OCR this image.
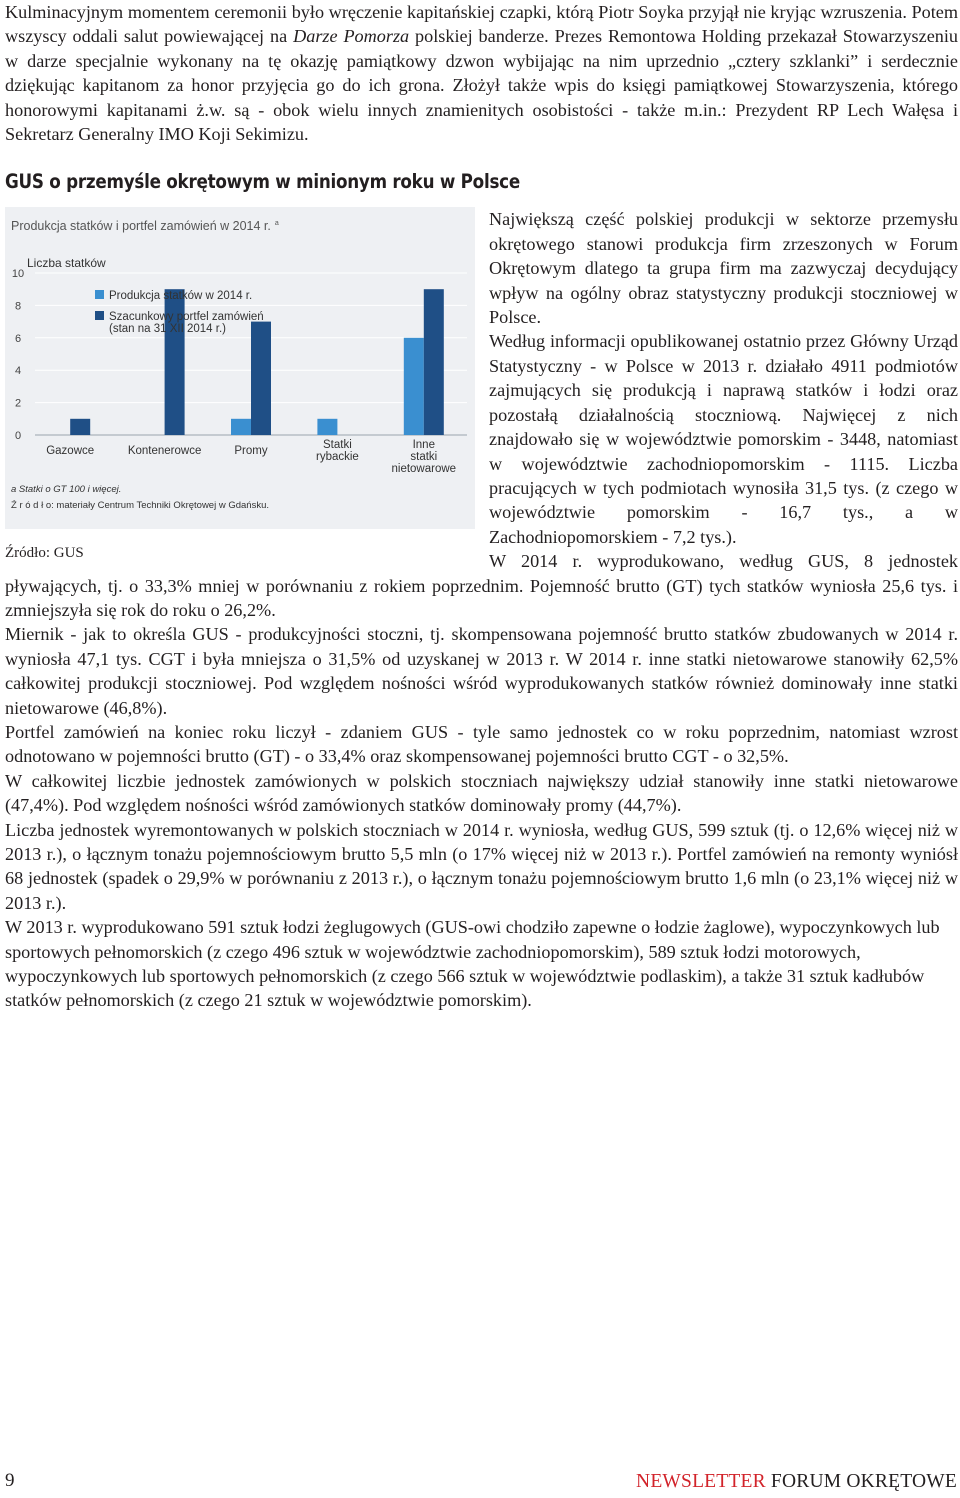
Kulminacyjnym momentem ceremonii było wręczenie kapitańskiej czapki, którą Piotr Soyka przyjął nie kryjąc wzruszenia. Potem wszyscy oddali salut powiewającej na Darze Pomorza polskiej banderze. Prezes Remontowa Holding przekazał Stowarzyszeniu w darze specjalnie wykonany na tę okazję pamiątkowy dzwon wybijając na nim uprzednio „cztery szklanki” i serdecznie dziękując kapitanom za honor przyjęcia go do ich grona. Złożył także wpis do księgi pamiątkowej Stowarzyszenia, którego honorowymi kapitanami ż.w. są - obok wielu innych znamienitych osobistości - także m.in.: Prezydent RP Lech Wałęsa i Sekretarz Generalny IMO Koji Sekimizu.

GUS o przemyśle okrętowym w minionym roku w Polsce
Produkcja statków i portfel zamówień w 2014 r. $^a$
Liczba statków
0
2
4
6
8
10
Gazowce	Kontenerowce	Promy	Statki rybackie
Inne statki nietowarowe
Produkcja statków w 2014 r.
Szacunkowy portfel zamówień (stan na 31 XII 2014 r.)
a Statki o GT 100 i więcej.
Ź r ó d ł o: materiały Centrum Techniki Okrętowej w Gdańsku.
Źródło: GUS

Największą część polskiej produkcji w sektorze przemysłu okrętowego stanowi produkcja firm zrzeszonych w Forum Okrętowym dlatego ta grupa firm ma zazwyczaj decydujący wpływ na ogólny obraz statystyczny produkcji stoczniowej w Polsce.

Według informacji opublikowanej ostatnio przez Główny Urząd Statystyczny - w Polsce w 2013 r. działało 4911 podmiotów zajmujących się produkcją i naprawą statków i łodzi oraz pozostałą działalnością stoczniową. Najwięcej z nich znajdowało się w województwie pomorskim - 3448, natomiast w województwie zachodniopomorskim - 1115. Liczba pracujących w tych podmiotach wynosiła 31,5 tys. (z czego w województwie pomorskim - 16,7 tys., a w Zachodniopomorskiem - 7,2 tys.).

W 2014 r. wyprodukowano, według GUS, 8 jednostek pływających, tj. o 33,3% mniej w porównaniu z rokiem poprzednim. Pojemność brutto (GT) tych statków wyniosła 25,6 tys. i zmniejszyła się rok do roku o 26,2%.

Miernik - jak to określa GUS - produkcyjności stoczni, tj. skompensowana pojemność brutto statków zbudowanych w 2014 r. wyniosła 47,1 tys. CGT i była mniejsza o 31,5% od uzyskanej w 2013 r. W 2014 r. inne statki nietowarowe stanowiły 62,5% całkowitej produkcji stoczniowej. Pod względem nośności wśród wyprodukowanych statków również dominowały inne statki nietowarowe (46,8%).

Portfel zamówień na koniec roku liczył - zdaniem GUS - tyle samo jednostek co w roku poprzednim, natomiast wzrost odnotowano w pojemności brutto (GT) - o 33,4% oraz skompensowanej pojemności brutto CGT - o 32,5%.

W całkowitej liczbie jednostek zamówionych w polskich stoczniach największy udział stanowiły inne statki nietowarowe (47,4%). Pod względem nośności wśród zamówionych statków dominowały promy (44,7%).

Liczba jednostek wyremontowanych w polskich stoczniach w 2014 r. wyniosła, według GUS, 599 sztuk (tj. o 12,6% więcej niż w 2013 r.), o łącznym tonażu pojemnościowym brutto 5,5 mln (o 17% więcej niż w 2013 r.). Portfel zamówień na remonty wyniósł 68 jednostek (spadek o 29,9% w porównaniu z 2013 r.), o łącznym tonażu pojemnościowym brutto 1,6 mln (o 23,1% więcej niż w 2013 r.).

W 2013 r. wyprodukowano 591 sztuk łodzi żeglugowych (GUS-owi chodziło zapewne o łodzie żaglowe), wypoczynkowych lub sportowych pełnomorskich (z czego 496 sztuk w województwie zachodniopomorskim), 589 sztuk łodzi motorowych, wypoczynkowych lub sportowych pełnomorskich (z czego 566 sztuk w województwie podlaskim), a także 31 sztuk kadłubów statków pełnomorskich (z czego 21 sztuk w województwie pomorskim).

9	NEWSLETTER FORUM OKRĘTOWE
